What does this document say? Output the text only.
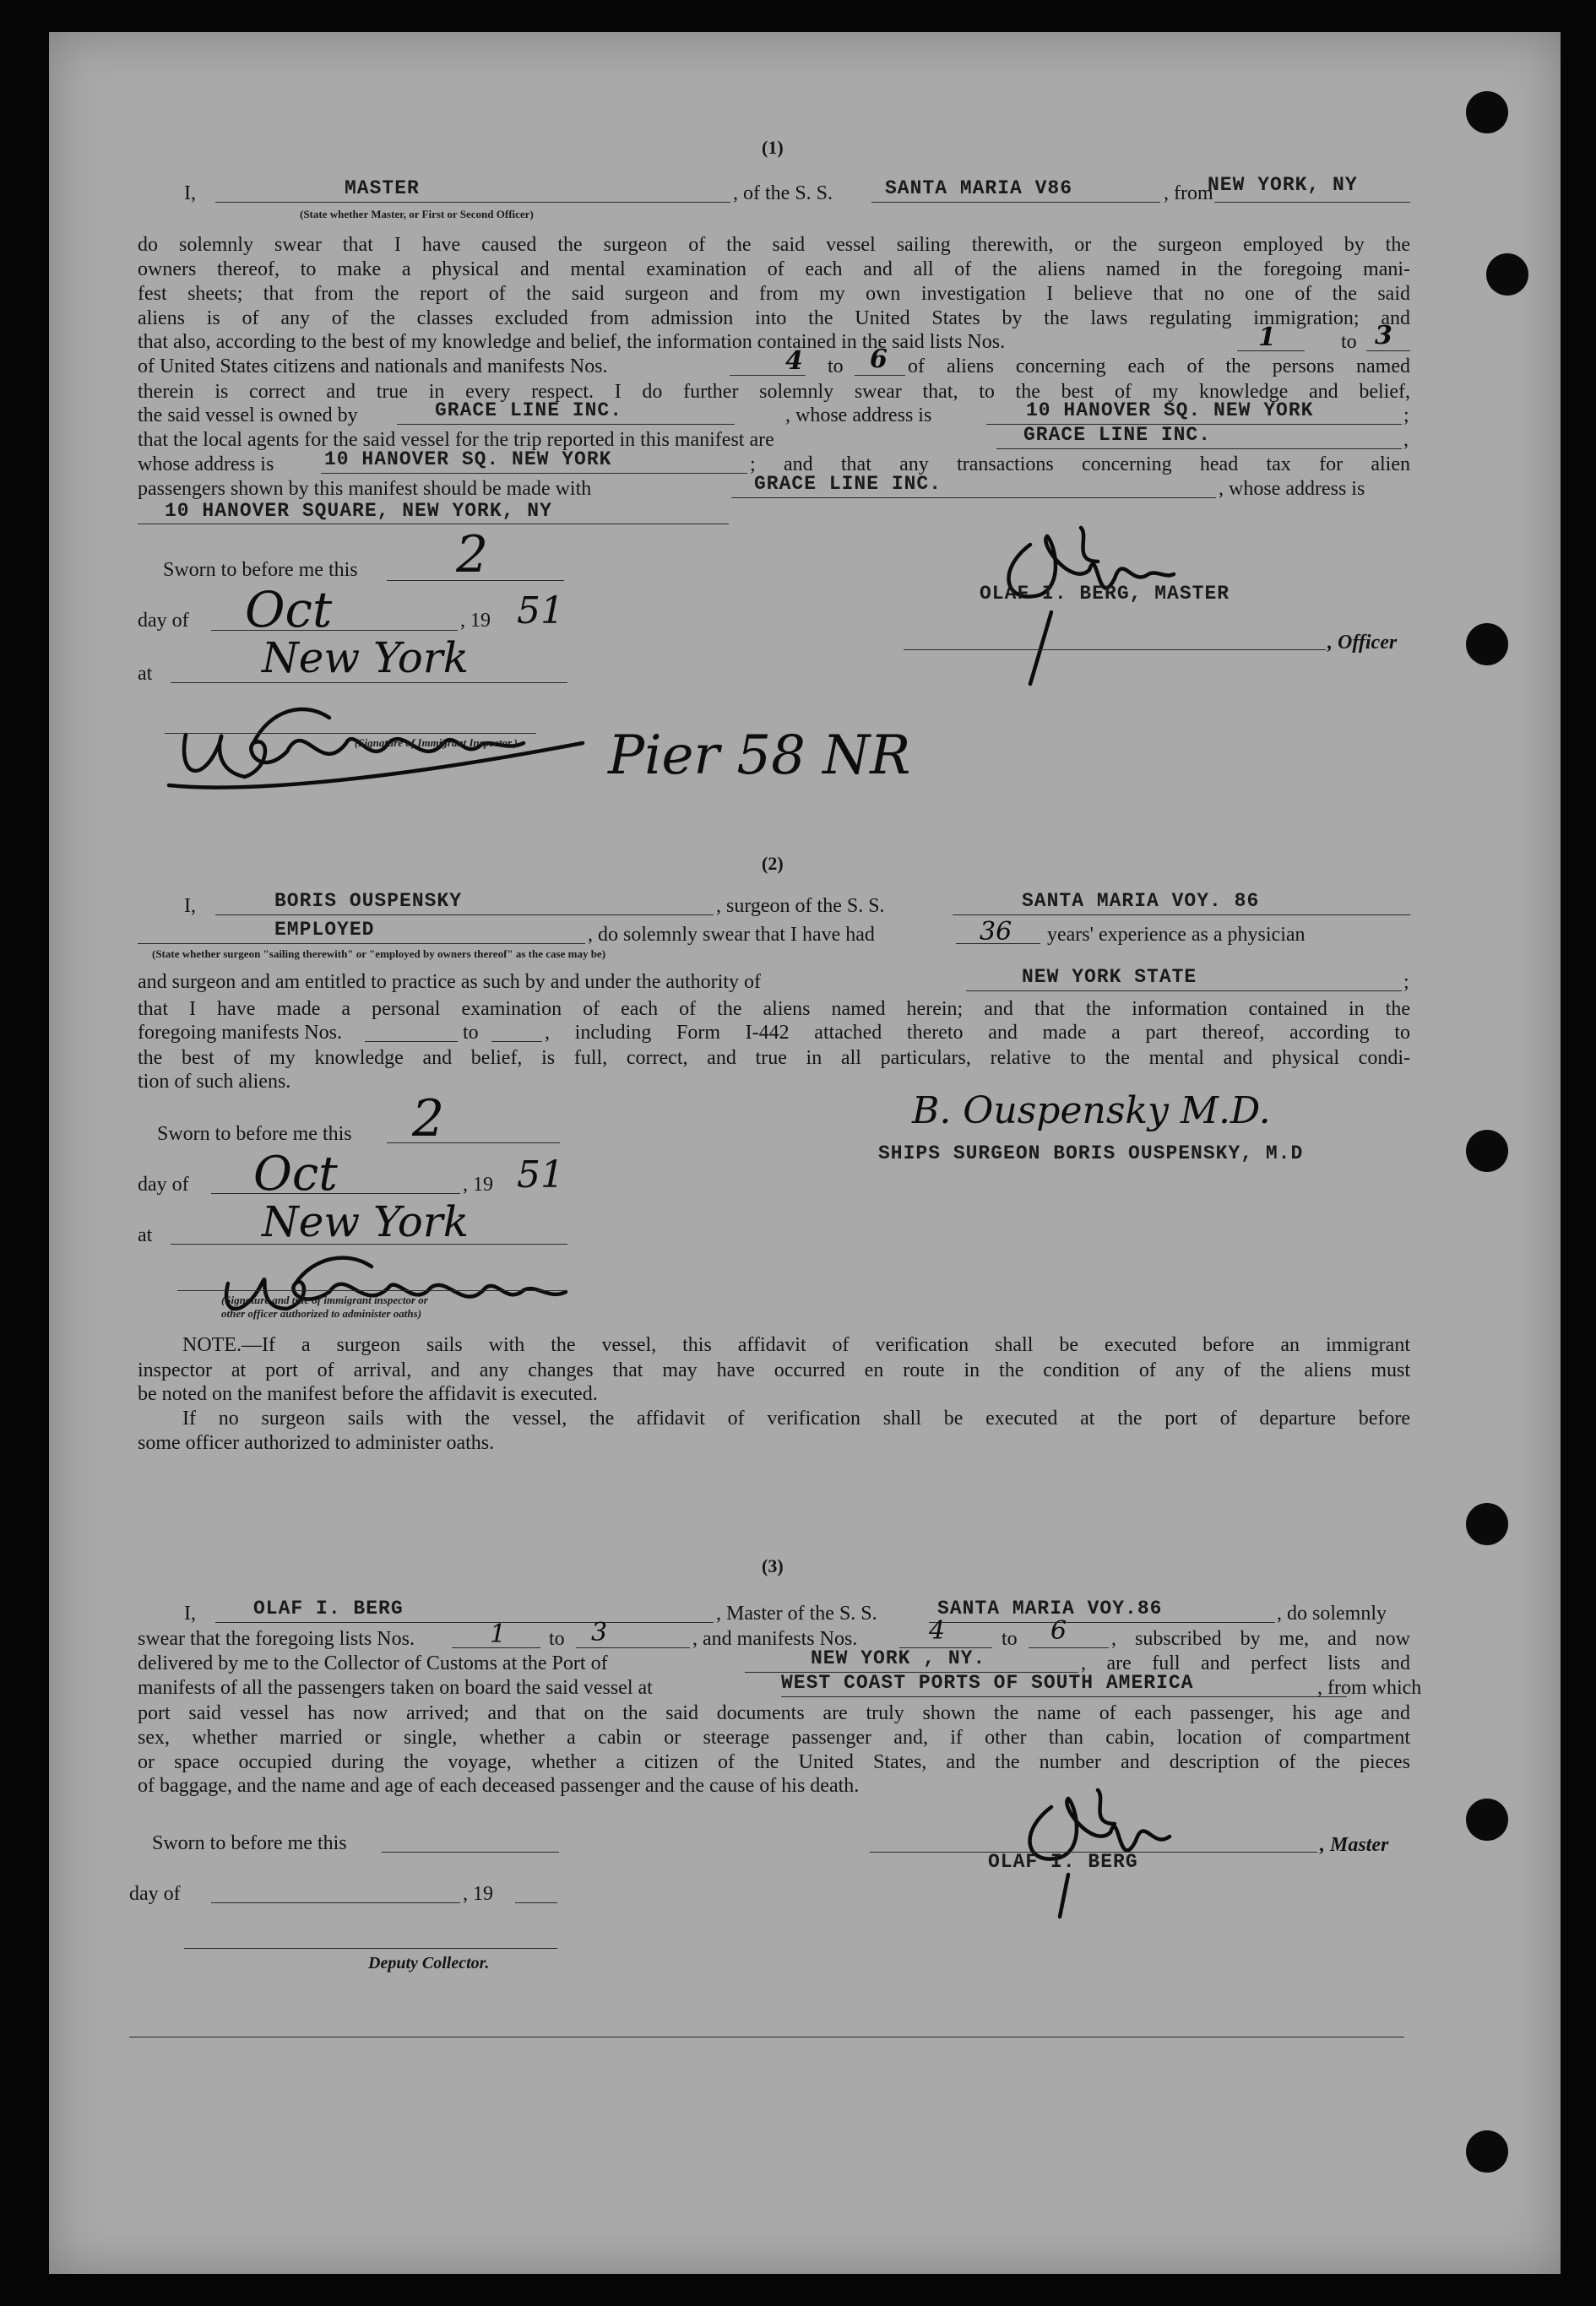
(1)
I,	MASTER
(State whether Master, or First or Second Officer)
, of the S. S.	SANTA MARIA V86	, from
NEW YORK, NY
do solemnly swear that I have caused the surgeon of the said vessel sailing therewith, or the surgeon employed by the
owners thereof, to make a physical and mental examination of each and all of the aliens named in the foregoing mani-
fest sheets; that from the report of the said surgeon and from my own investigation I believe that no one of the said
aliens is of any of the classes excluded from admission into the United States by the laws regulating immigration; and
that also, according to the best of my knowledge and belief, the information contained in the said lists Nos.	1	to 3
of United States citizens and nationals and manifests Nos.	4 to 6 of aliens concerning each of the persons named
therein is correct and true in every respect. I do further solemnly swear that, to the best of my knowledge and belief,
the said vessel is owned by	GRACE LINE INC.	, whose address is	10 HANOVER SQ. NEW YORK	;
that the local agents for the said vessel for the trip reported in this manifest are	GRACE LINE INC.	,
whose address is	10 HANOVER SQ. NEW YORK	; and that any transactions concerning head tax for alien
passengers shown by this manifest should be made with	GRACE LINE INC.	, whose address is
10 HANOVER SQUARE, NEW YORK, NY
Sworn to before me this 2
day of Oct	, 19 51
at	New York
(Signature of Immigrant Inspector.) Pier 58 NR
OLAF I. BERG, MASTER
, Officer
(2)
I,	BORIS OUSPENSKY	, surgeon of the S. S.	SANTA MARIA VOY. 86
EMPLOYED
(State whether surgeon "sailing therewith" or "employed by owners thereof" as the case may be)
, do solemnly swear that I have had	36 years' experience as a physician
and surgeon and am entitled to practice as such by and under the authority of	NEW YORK STATE	;
that I have made a personal examination of each of the aliens named herein; and that the information contained in the
foregoing manifests Nos.	to	, including Form I-442 attached thereto and made a part thereof, according to
the best of my knowledge and belief, is full, correct, and true in all particulars, relative to the mental and physical condi-
tion of such aliens.
Sworn to before me this 2
day of Oct	, 19 51
at	New York
(Signature and title of immigrant inspector or
other officer authorized to administer oaths)
B. Ouspensky M.D.
SHIPS SURGEON BORIS OUSPENSKY, M.D
NOTE.—If a surgeon sails with the vessel, this affidavit of verification shall be executed before an immigrant
inspector at port of arrival, and any changes that may have occurred en route in the condition of any of the aliens must
be noted on the manifest before the affidavit is executed.
If no surgeon sails with the vessel, the affidavit of verification shall be executed at the port of departure before
some officer authorized to administer oaths.
(3)
I,	OLAF I. BERG	, Master of the S. S.	SANTA MARIA VOY.86	, do solemnly
swear that the foregoing lists Nos.	1 to 3	, and manifests Nos.	4	to 6 , subscribed by me, and now
delivered by me to the Collector of Customs at the Port of	NEW YORK , NY.	, are full and perfect lists and
manifests of all the passengers taken on board the said vessel at	WEST COAST PORTS OF SOUTH AMERICA	, from which
port said vessel has now arrived; and that on the said documents are truly shown the name of each passenger, his age and
sex, whether married or single, whether a cabin or steerage passenger and, if other than cabin, location of compartment
or space occupied during the voyage, whether a citizen of the United States, and the number and description of the pieces
of baggage, and the name and age of each deceased passenger and the cause of his death.
Sworn to before me this
day of	, 19
Deputy Collector.
, Master
OLAF I. BERG
